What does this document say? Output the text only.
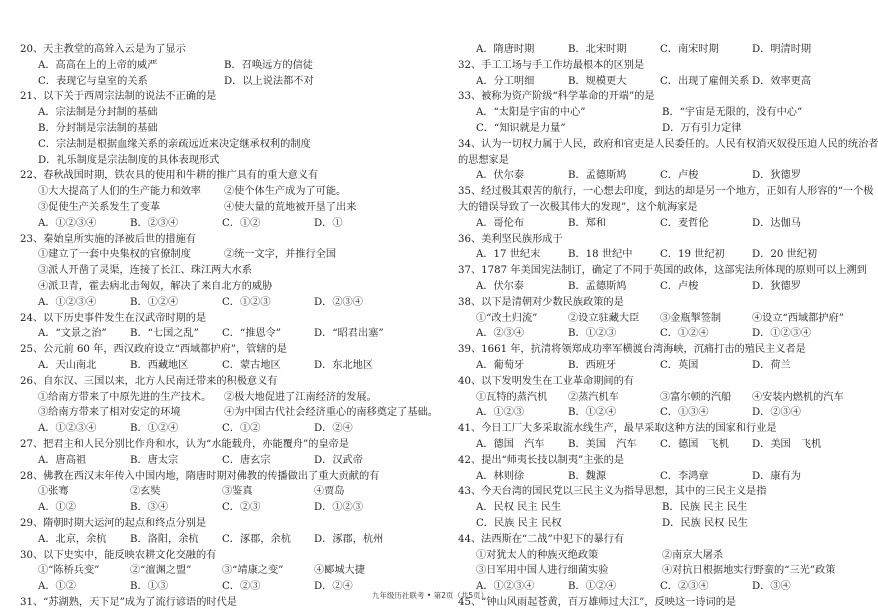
20、天主教堂的高耸入云是为了显示
A．高高在上的上帝的威严	B．召唤远方的信徒
C．表现它与皇室的关系	D．以上说法都不对
21、以下关于西周宗法制的说法不正确的是
A．宗法制是分封制的基础
B．分封制是宗法制的基础
C．宗法制是根据血缘关系的亲疏远近来决定继承权利的制度
D．礼乐制度是宗法制度的具体表现形式
22、春秋战国时期，铁农具的使用和牛耕的推广具有的重大意义有
①大大提高了人们的生产能力和效率	②使个体生产成为了可能。
③促使生产关系发生了变革	④使大量的荒地被开垦了出来
A．①②③④	B．②③④	C．①②	D．①
23、秦始皇所实施的泽被后世的措施有
①建立了一套中央集权的官僚制度	②统一文字，并推行全国
③派人开凿了灵渠，连接了长江、珠江两大水系
④派卫青，霍去病北击匈奴，解决了来自北方的威胁
A．①②③④	B．①②④	C．①②③	D．②③④
24、以下历史事件发生在汉武帝时期的是
A．“文景之治”	B．“七国之乱”	C．“推恩令”	D．“昭君出塞”
25、公元前 60 年，西汉政府设立“西域都护府”，管辖的是
A．天山南北	B．西藏地区	C．蒙古地区	D．东北地区
26、自东汉、三国以来，北方人民南迁带来的积极意义有
①给南方带来了中原先进的生产技术。	②极大地促进了江南经济的发展。
③给南方带来了相对安定的环境	④为中国古代社会经济重心的南移奠定了基础。
A．①②③④	B．①②④	C．①②	D．②④
27、把君主和人民分别比作舟和水，认为“水能载舟，亦能覆舟”的皇帝是
A．唐高祖	B．唐太宗	C．唐玄宗	D．汉武帝
28、佛教在西汉末年传入中国内地，隋唐时期对佛教的传播做出了重大贡献的有
①张骞	②玄奘	③鉴真	④贾岛
A．①②	B．③④	C．②③	D．①②③
29、隋朝时期大运河的起点和终点分别是
A．北京，余杭	B．洛阳，余杭	C．涿郡，余杭	D．涿郡，杭州
30、以下史实中，能反映农耕文化交融的有
①“陈桥兵变”	②“澶渊之盟”	③“靖康之变”	④郾城大捷
A．①②	B．①③	C．②③	D．②④
31、“苏湖熟，天下足”成为了流行谚语的时代是
A．隋唐时期	B．北宋时期	C．南宋时期	D．明清时期
32、手工工场与手工作坊最根本的区别是
A．分工明细	B．规模更大	C．出现了雇佣关系 D．效率更高
33、被称为资产阶级“科学革命的开端”的是
A．“太阳是宇宙的中心”	B．“宇宙是无限的，没有中心”
C．“知识就是力量”	D．万有引力定律
34、认为一切权力属于人民，政府和官吏是人民委任的。人民有权消灭奴役压迫人民的统治者
的思想家是
A．伏尔泰	B．孟德斯鸠	C．卢梭	D．狄德罗
35、经过极其艰苦的航行，一心想去印度，到达的却是另一个地方，正如有人形容的“一个极
大的错误导致了一次极其伟大的发现”，这个航海家是
A．哥伦布	B．郑和	C．麦哲伦	D．达伽马
36、美利坚民族形成于
A．17 世纪末	B．18 世纪中	C．19 世纪初	D．20 世纪初
37、1787 年美国宪法制订，确定了不同于英国的政体，这部宪法所体现的原则可以上溯到
A．伏尔泰	B．孟德斯鸠	C．卢梭	D．狄德罗
38、以下是清朝对少数民族政策的是
①“改土归流”	②设立驻藏大臣	③金瓶掣签制	④设立“西域都护府”
A．②③④	B．①②③	C．①②④	D．①②③④
39、1661 年，抗清将领郑成功率军横渡台湾海峡，沉痛打击的殖民主义者是
A．葡萄牙	B．西班牙	C．英国	D．荷兰
40、以下发明发生在工业革命期间的有
①瓦特的蒸汽机	②蒸汽机车	③富尔顿的汽船	④安装内燃机的汽车
A．①②③	B．①②④	C．①③④	D．②③④
41、今日工厂大多采取流水线生产，最早采取这种方法的国家和行业是
A．德国　汽车	B．美国　汽车	C．德国　飞机	D．美国　飞机
42、提出“师夷长技以制夷”主张的是
A．林则徐	B．魏源	C．李鸿章	D．康有为
43、今天台湾的国民党以三民主义为指导思想，其中的三民主义是指
A．民权 民主 民生	B．民族 民主 民生
C．民族 民主 民权	D．民族 民权 民生
44、法西斯在“二战”中犯下的暴行有
①对犹太人的种族灭绝政策	②南京大屠杀
③日军用中国人进行细菌实验	④对抗日根据地实行野蛮的“三光”政策
A．①②③④	B．①②④	C．②③④	D．③④
45、“钟山风雨起苍黄，百万雄师过大江”，反映这一诗词的是
九年级历社联考 • 第2页（共5页）
